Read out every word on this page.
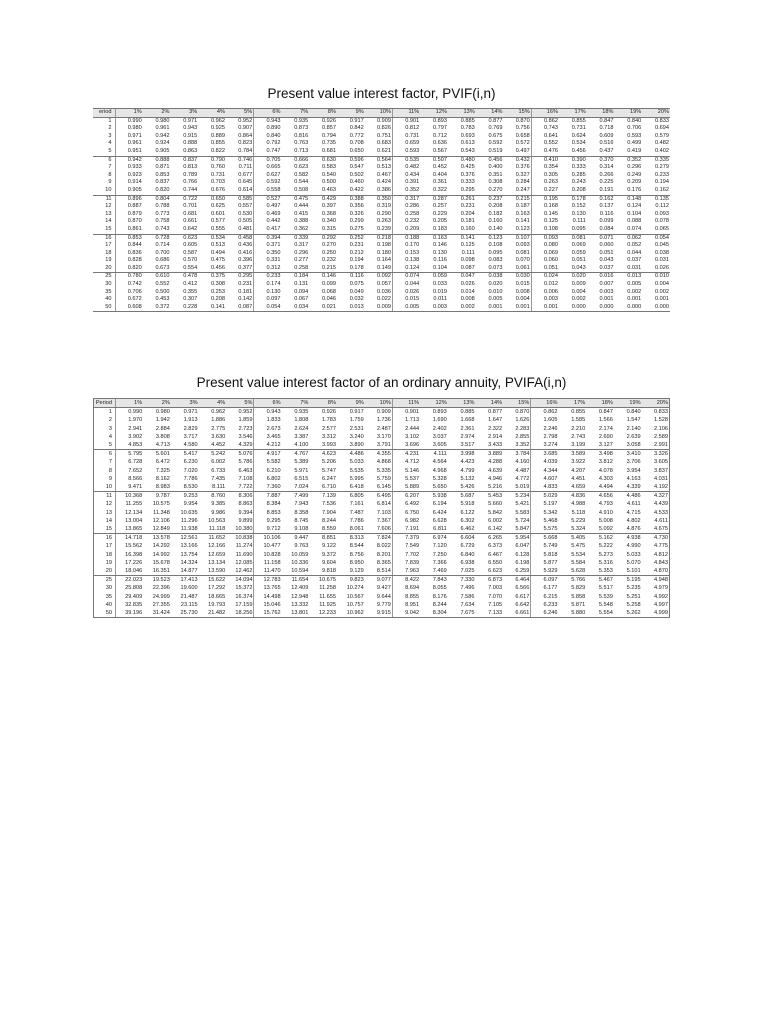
Present value interest factor, PVIF(i,n)
eriod	1%	2%	3%	4%	5%	6%	7%	8%	9%	10%	11%	12%	13%	14%	15%	16%	17%	18%	19%	20%
1	0.990	0.980	0.971	0.962	0.952	0.943	0.935	0.926	0.917	0.909	0.901	0.893	0.885	0.877	0.870	0.862	0.855	0.847	0.840	0.833
2	0.980	0.961	0.943	0.925	0.907	0.890	0.873	0.857	0.842	0.826	0.812	0.797	0.783	0.769	0.756	0.743	0.731	0.718	0.706	0.694
3	0.971	0.942	0.915	0.889	0.864	0.840	0.816	0.794	0.772	0.751	0.731	0.712	0.693	0.675	0.658	0.641	0.624	0.609	0.593	0.579
4	0.961	0.924	0.888	0.855	0.823	0.792	0.763	0.735	0.708	0.683	0.659	0.636	0.613	0.592	0.572	0.552	0.534	0.516	0.499	0.482
5	0.951	0.905	0.863	0.822	0.784	0.747	0.713	0.681	0.650	0.621	0.593	0.567	0.543	0.519	0.497	0.476	0.456	0.437	0.419	0.402
6	0.942	0.888	0.837	0.790	0.746	0.705	0.666	0.630	0.596	0.564	0.535	0.507	0.480	0.456	0.432	0.410	0.390	0.370	0.352	0.335
7	0.933	0.871	0.813	0.760	0.711	0.665	0.623	0.583	0.547	0.513	0.482	0.452	0.425	0.400	0.376	0.354	0.333	0.314	0.296	0.279
8	0.923	0.853	0.789	0.731	0.677	0.627	0.582	0.540	0.502	0.467	0.434	0.404	0.376	0.351	0.327	0.305	0.285	0.266	0.249	0.233
9	0.914	0.837	0.766	0.703	0.645	0.592	0.544	0.500	0.460	0.424	0.391	0.361	0.333	0.308	0.284	0.263	0.243	0.225	0.209	0.194
10	0.905	0.820	0.744	0.676	0.614	0.558	0.508	0.463	0.422	0.386	0.352	0.322	0.295	0.270	0.247	0.227	0.208	0.191	0.176	0.162
11	0.896	0.804	0.722	0.650	0.585	0.527	0.475	0.429	0.388	0.350	0.317	0.287	0.261	0.237	0.215	0.195	0.178	0.162	0.148	0.135
12	0.887	0.788	0.701	0.625	0.557	0.497	0.444	0.397	0.356	0.319	0.286	0.257	0.231	0.208	0.187	0.168	0.152	0.137	0.124	0.112
13	0.879	0.773	0.681	0.601	0.530	0.469	0.415	0.368	0.326	0.290	0.258	0.229	0.204	0.182	0.163	0.145	0.130	0.116	0.104	0.093
14	0.870	0.758	0.661	0.577	0.505	0.442	0.388	0.340	0.299	0.263	0.232	0.205	0.181	0.160	0.141	0.125	0.111	0.099	0.088	0.078
15	0.861	0.743	0.642	0.555	0.481	0.417	0.362	0.315	0.275	0.239	0.209	0.183	0.160	0.140	0.123	0.108	0.095	0.084	0.074	0.065
16	0.853	0.728	0.623	0.534	0.458	0.394	0.339	0.292	0.252	0.218	0.188	0.163	0.141	0.123	0.107	0.093	0.081	0.071	0.062	0.054
17	0.844	0.714	0.605	0.513	0.436	0.371	0.317	0.270	0.231	0.198	0.170	0.146	0.125	0.108	0.093	0.080	0.069	0.060	0.052	0.045
18	0.836	0.700	0.587	0.494	0.416	0.350	0.296	0.250	0.212	0.180	0.153	0.130	0.111	0.095	0.081	0.069	0.059	0.051	0.044	0.038
19	0.828	0.686	0.570	0.475	0.396	0.331	0.277	0.232	0.194	0.164	0.138	0.116	0.098	0.083	0.070	0.060	0.051	0.043	0.037	0.031
20	0.820	0.673	0.554	0.456	0.377	0.312	0.258	0.215	0.178	0.149	0.124	0.104	0.087	0.073	0.061	0.051	0.043	0.037	0.031	0.026
25	0.780	0.610	0.478	0.375	0.295	0.233	0.184	0.146	0.116	0.092	0.074	0.059	0.047	0.038	0.030	0.024	0.020	0.016	0.013	0.010
30	0.742	0.552	0.412	0.308	0.231	0.174	0.131	0.099	0.075	0.057	0.044	0.033	0.026	0.020	0.015	0.012	0.009	0.007	0.005	0.004
35	0.706	0.500	0.355	0.253	0.181	0.130	0.094	0.068	0.049	0.036	0.026	0.019	0.014	0.010	0.008	0.006	0.004	0.003	0.002	0.002
40	0.672	0.453	0.307	0.208	0.142	0.097	0.067	0.046	0.032	0.022	0.015	0.011	0.008	0.005	0.004	0.003	0.002	0.001	0.001	0.001
50	0.608	0.372	0.228	0.141	0.087	0.054	0.034	0.021	0.013	0.009	0.005	0.003	0.002	0.001	0.001	0.001	0.000	0.000	0.000	0.000
Present value interest factor of an ordinary annuity, PVIFA(i,n)
Period	1%	2%	3%	4%	5%	6%	7%	8%	9%	10%	11%	12%	13%	14%	15%	16%	17%	18%	19%	20%
1	0.990	0.980	0.971	0.962	0.952	0.943	0.935	0.926	0.917	0.909	0.901	0.893	0.885	0.877	0.870	0.862	0.855	0.847	0.840	0.833
2	1.970	1.942	1.913	1.886	1.859	1.833	1.808	1.783	1.759	1.736	1.713	1.690	1.668	1.647	1.626	1.605	1.585	1.566	1.547	1.528
3	2.941	2.884	2.829	2.775	2.723	2.673	2.624	2.577	2.531	2.487	2.444	2.402	2.361	2.322	2.283	2.246	2.210	2.174	2.140	2.106
4	3.902	3.808	3.717	3.630	3.546	3.465	3.387	3.312	3.240	3.170	3.102	3.037	2.974	2.914	2.855	2.798	2.743	2.690	2.639	2.589
5	4.853	4.713	4.580	4.452	4.329	4.212	4.100	3.993	3.890	3.791	3.696	3.605	3.517	3.433	3.352	3.274	3.199	3.127	3.058	2.991
6	5.795	5.601	5.417	5.242	5.076	4.917	4.767	4.623	4.486	4.355	4.231	4.111	3.998	3.889	3.784	3.685	3.589	3.498	3.410	3.326
7	6.728	6.472	6.230	6.002	5.786	5.582	5.389	5.206	5.033	4.868	4.712	4.564	4.423	4.288	4.160	4.039	3.922	3.812	3.706	3.605
8	7.652	7.325	7.020	6.733	6.463	6.210	5.971	5.747	5.535	5.335	5.146	4.968	4.799	4.639	4.487	4.344	4.207	4.078	3.954	3.837
9	8.566	8.162	7.786	7.435	7.108	6.802	6.515	6.247	5.995	5.759	5.537	5.328	5.132	4.946	4.772	4.607	4.451	4.303	4.163	4.031
10	9.471	8.983	8.530	8.111	7.722	7.360	7.024	6.710	6.418	6.145	5.889	5.650	5.426	5.216	5.019	4.833	4.659	4.494	4.339	4.192
11	10.368	9.787	9.253	8.760	8.306	7.887	7.499	7.139	6.805	6.495	6.207	5.938	5.687	5.453	5.234	5.029	4.836	4.656	4.486	4.327
12	11.255	10.575	9.954	9.385	8.863	8.384	7.943	7.536	7.161	6.814	6.492	6.194	5.918	5.660	5.421	5.197	4.988	4.793	4.611	4.439
13	12.134	11.348	10.635	9.986	9.394	8.853	8.358	7.904	7.487	7.103	6.750	6.424	6.122	5.842	5.583	5.342	5.118	4.910	4.715	4.533
14	13.004	12.106	11.296	10.563	9.899	9.295	8.745	8.244	7.786	7.367	6.982	6.628	6.302	6.002	5.724	5.468	5.229	5.008	4.802	4.611
15	13.865	12.849	11.938	11.118	10.380	9.712	9.108	8.559	8.061	7.606	7.191	6.811	6.462	6.142	5.847	5.575	5.324	5.092	4.876	4.675
16	14.718	13.578	12.561	11.652	10.838	10.106	9.447	8.851	8.313	7.824	7.379	6.974	6.604	6.265	5.954	5.668	5.405	5.162	4.938	4.730
17	15.562	14.292	13.166	12.166	11.274	10.477	9.763	9.122	8.544	8.022	7.549	7.120	6.729	6.373	6.047	5.749	5.475	5.222	4.990	4.775
18	16.398	14.992	13.754	12.659	11.690	10.828	10.059	9.372	8.756	8.201	7.702	7.250	6.840	6.467	6.128	5.818	5.534	5.273	5.033	4.812
19	17.226	15.678	14.324	13.134	12.085	11.158	10.336	9.604	8.950	8.365	7.839	7.366	6.938	6.550	6.198	5.877	5.584	5.316	5.070	4.843
20	18.046	16.351	14.877	13.590	12.462	11.470	10.594	9.818	9.129	8.514	7.963	7.469	7.025	6.623	6.259	5.929	5.628	5.353	5.101	4.870
25	22.023	19.523	17.413	15.622	14.094	12.783	11.654	10.675	9.823	9.077	8.422	7.843	7.330	6.873	6.464	6.097	5.766	5.467	5.195	4.948
30	25.808	22.396	19.600	17.292	15.372	13.765	12.409	11.258	10.274	9.427	8.694	8.055	7.496	7.003	6.566	6.177	5.829	5.517	5.235	4.979
35	29.409	24.999	21.487	18.665	16.374	14.498	12.948	11.655	10.567	9.644	8.855	8.176	7.586	7.070	6.617	6.215	5.858	5.539	5.251	4.992
40	32.835	27.355	23.115	19.793	17.159	15.046	13.332	11.925	10.757	9.779	8.951	8.244	7.634	7.105	6.642	6.233	5.871	5.548	5.258	4.997
50	39.196	31.424	25.730	21.482	18.256	15.762	13.801	12.233	10.962	9.915	9.042	8.304	7.675	7.133	6.661	6.246	5.880	5.554	5.262	4.999
